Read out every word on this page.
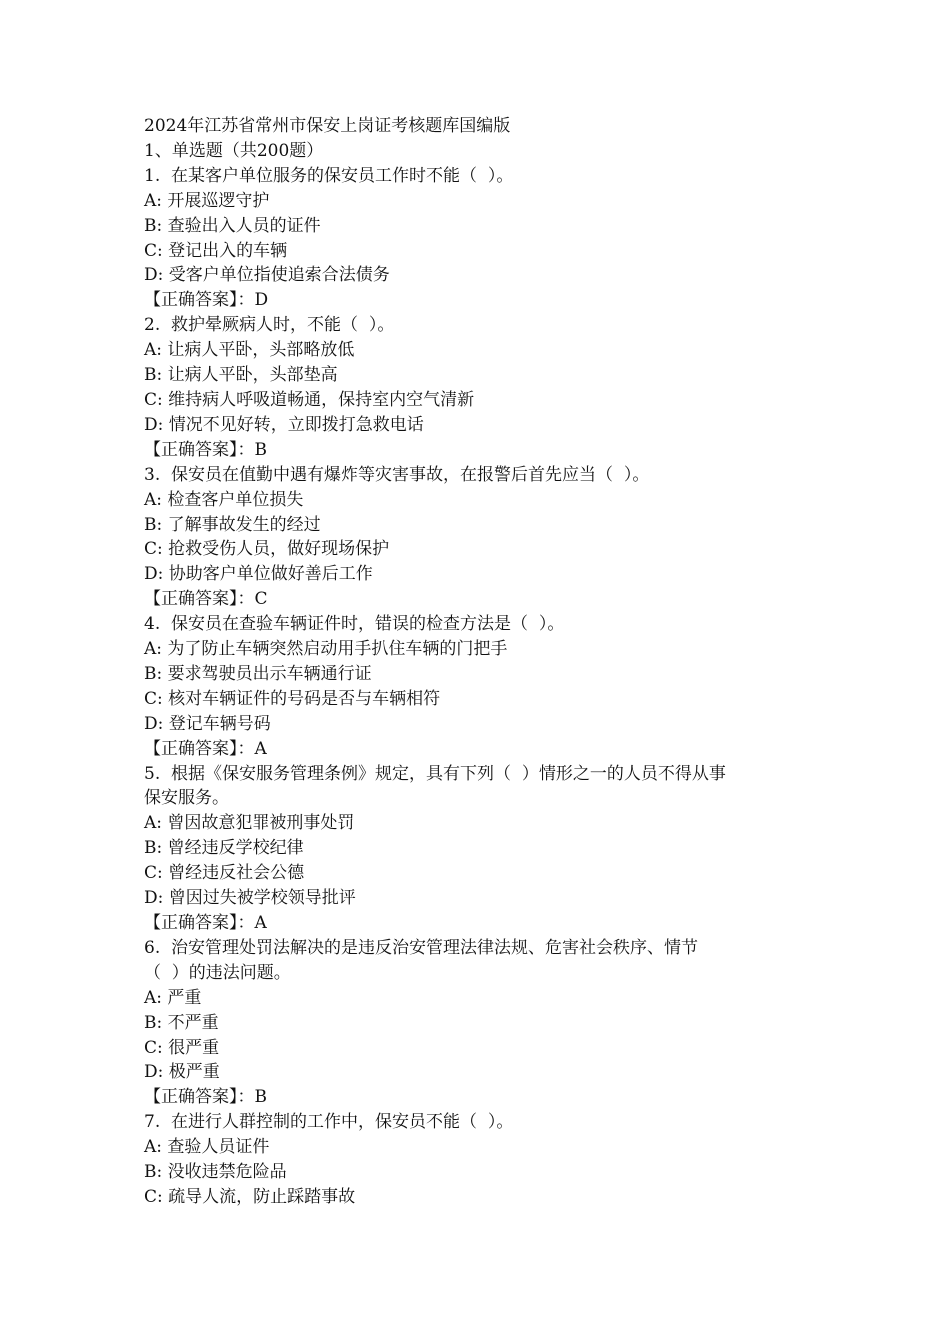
2024年江苏省常州市保安上岗证考核题库国编版
1、单选题（共200题）
1.  在某客户单位服务的保安员工作时不能（  ）。
A: 开展巡逻守护
B: 查验出入人员的证件
C: 登记出入的车辆
D: 受客户单位指使追索合法债务
【正确答案】：D
2.  救护晕厥病人时，不能（  ）。
A: 让病人平卧，头部略放低
B: 让病人平卧，头部垫高
C: 维持病人呼吸道畅通，保持室内空气清新
D: 情况不见好转，立即拨打急救电话
【正确答案】：B
3.  保安员在值勤中遇有爆炸等灾害事故，在报警后首先应当（  ）。
A: 检查客户单位损失
B: 了解事故发生的经过
C: 抢救受伤人员，做好现场保护
D: 协助客户单位做好善后工作
【正确答案】：C
4.  保安员在查验车辆证件时，错误的检查方法是（  ）。
A: 为了防止车辆突然启动用手扒住车辆的门把手
B: 要求驾驶员出示车辆通行证
C: 核对车辆证件的号码是否与车辆相符
D: 登记车辆号码
【正确答案】：A
5.  根据《保安服务管理条例》规定，具有下列（  ）情形之一的人员不得从事
保安服务。
A: 曾因故意犯罪被刑事处罚
B: 曾经违反学校纪律
C: 曾经违反社会公德
D: 曾因过失被学校领导批评
【正确答案】：A
6.  治安管理处罚法解决的是违反治安管理法律法规、危害社会秩序、情节
（  ）的违法问题。
A: 严重
B: 不严重
C: 很严重
D: 极严重
【正确答案】：B
7.  在进行人群控制的工作中，保安员不能（  ）。
A: 查验人员证件
B: 没收违禁危险品
C: 疏导人流，防止踩踏事故
